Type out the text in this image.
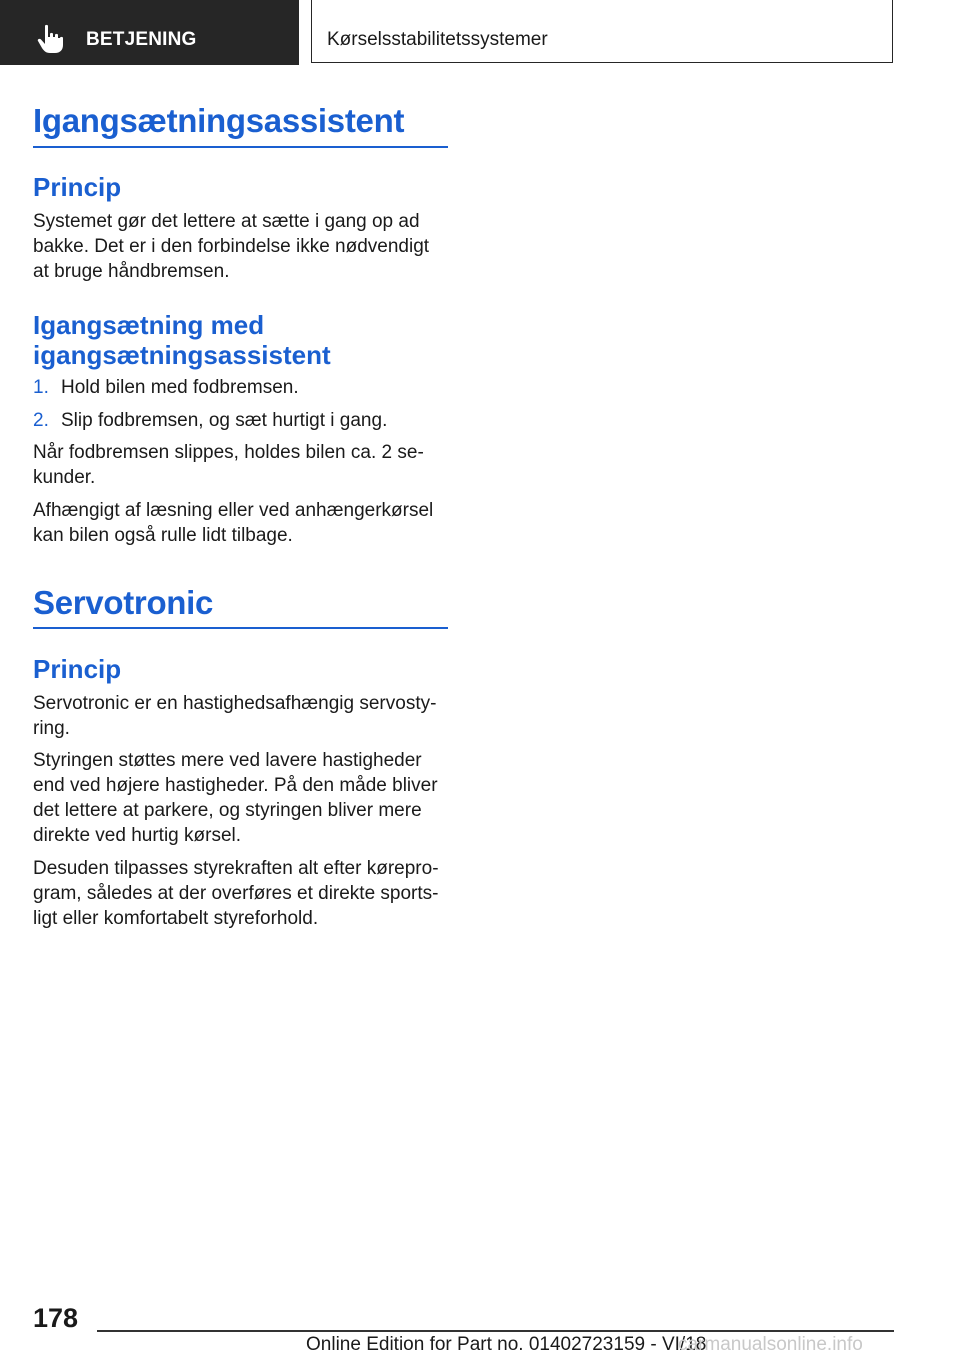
BETJENING	Kørselsstabilitetssystemer
Igangsætningsassistent
Princip

Systemet gør det lettere at sætte i gang op ad bakke. Det er i den forbindelse ikke nødvendigt at bruge håndbremsen.

Igangsætning med
igangsætningsassistent
1. Hold bilen med fodbremsen.
2. Slip fodbremsen, og sæt hurtigt i gang.

Når fodbremsen slippes, holdes bilen ca. 2 sekunder.

Afhængigt af læsning eller ved anhængerkørsel kan bilen også rulle lidt tilbage.

Servotronic
Princip

Servotronic er en hastighedsafhængig servostyring.

Styringen støttes mere ved lavere hastigheder end ved højere hastigheder. På den måde bliver det lettere at parkere, og styringen bliver mere direkte ved hurtig kørsel.

Desuden tilpasses styrekraften alt efter køreprogram, således at der overføres et direkte sportsligt eller komfortabelt styreforhold.

178
Online Edition for Part no. 01402723159 - VI/18
carmanualsonline.info
